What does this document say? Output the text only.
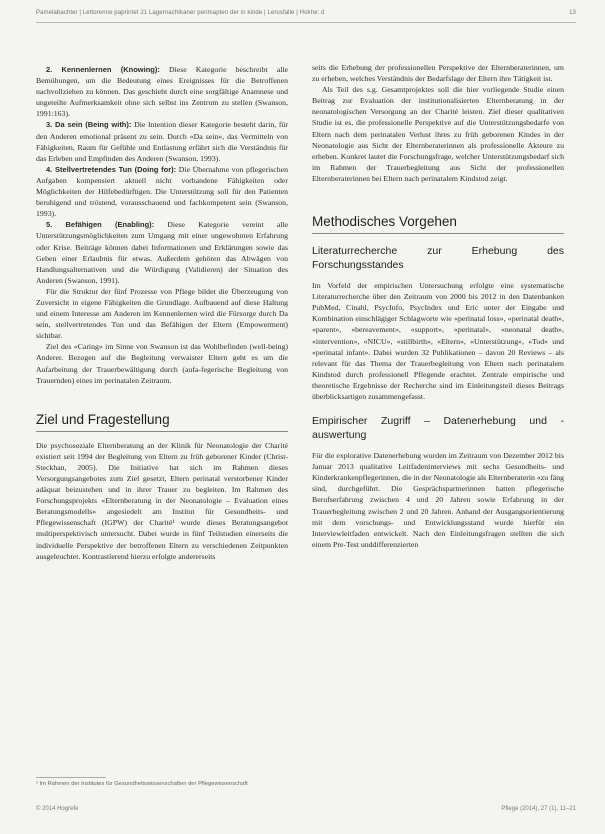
Pamelabachter | Lettorenne paprintet 21 Lagernachtkaner perimapten der in kinde | Lerusfalle | Hokhe: d	13

2. Kennenlernen (Knowing): Diese Kategorie beschreibt alle Bemühungen, um die Bedeutung eines Ereignisses für die Betroffenen nachvollziehen zu können. Das geschieht durch eine sorgfältige Anamnese und ungeteilte Aufmerksamkeit ohne sich selbst ins Zentrum zu stellen (Swanson, 1991:163).

3. Da sein (Being with): Die Intention dieser Kategorie besteht darin, für den Anderen emotional präsent zu sein. Durch «Da sein», das Vermitteln von Fähigkeiten, Raum für Gefühle und Entlastung erfährt sich die Verständnis für das Erleben und Empfinden des Anderen (Swanson, 1993).

4. Stellvertretendes Tun (Doing for): Die Übernahme von pflegerischen Aufgaben kompensiert aktuell nicht vorhandene Fähigkeiten oder Möglichkeiten der Hilfebedürftigen. Die Unterstützung soll für den Patienten beruhigend und tröstend, vorausschauend und fachkompetent sein (Swanson, 1993).

5. Befähigen (Enabling): Diese Kategorie vereint alle Unterstützungsmöglichkeiten zum Umgang mit einer ungewohnten Erfahrung oder Krise. Beiträge können dabei Informationen und Erklärungen sowie das Geben einer Erlaubnis für etwas. Außerdem gehören das Abwägen von Handlungsalternativen und die Würdigung (Validieren) der Situation des Anderen (Swanson, 1991).

Für die Struktur der fünf Prozesse von Pflege bildet die Überzeugung von Zuversicht in eigene Fähigkeiten die Grundlage. Aufbauend auf diese Haltung und einem Interesse am Anderen im Kennenlernen wird die Fürsorge durch Da sein, stellvertretendes Tun und das Befähigen der Eltern (Empowerment) sichtbar.

Ziel des «Caring» im Sinne von Swanson ist das Wohlbefinden (well-being) Anderer. Bezogen auf die Begleitung verwaister Eltern geht es um die Aufarbeitung der Trauerbewältigung durch (aufa-fegerische Begleitung von Trauernden) eines im perinatalen Zeitraum.

Ziel und Fragestellung

Die psychosoziale Elternberatung an der Klinik für Neonatologie der Charité existiert seit 1994 der Begleitung von Eltern zu früh geborener Kinder (Christ-Steckhan, 2005). Die Initiative hat sich im Rahmen dieses Versorgungsangebotes zum Ziel gesetzt, Eltern perinatal verstorbener Kinder adäquat beizustehen und in ihrer Trauer zu begleiten. Im Rahmen des Forschungsprojekts «Elternberatung in der Neonatologie – Evaluation eines Beratungsmodells» angesiedelt am Institut für Gesundheits- und Pflegewissenschaft (IGPW) der Charité¹ wurde dieses Beratungsangebot multiperspektivisch untersucht. Dabei wurde in fünf Teilstudien einerseits die individuelle Perspektive der betroffenen Eltern zu verschiedenen Zeitpunkten ausgeleuchtet. Kontrastierend hierzu erfolgte andererseits

seits die Erhebung der professionellen Perspektive der Elternberaterinnen, um zu erheben, welches Verständnis der Bedarfslage der Eltern ihre Tätigkeit ist.

Als Teil des s.g. Gesamtprojektes soll die hier vorliegende Studie einen Beitrag zur Evaluation der institutionalisierten Elternberatung in der neonatologischen Versorgung an der Charité leisten. Ziel dieser qualitativen Studie ist es, die professionelle Perspektive auf die Unterstützungsbedarfe von Eltern nach dem perinatalen Verlust ihres zu früh geborenen Kindes in der Neonatologie aus Sicht der Elternberaterinnen als professionelle Akteure zu erheben. Konkret lautet die Forschungsfrage, welcher Unterstützungsbedarf sich im Rahmen der Trauerbegleitung aus Sicht der professionellen Elternberaterinnen bei Eltern nach perinatalem Kindstod zeigt.

Methodisches Vorgehen
Literaturrecherche zur Erhebung des Forschungsstandes

Im Vorfeld der empirischen Untersuchung erfolgte eine systematische Literaturrecherche über den Zeitraum von 2000 bis 2012 in den Datenbanken PubMed, Cinahl, PsycInfo, PsycIndex und Eric unter der Eingabe und Kombination einschlägiger Schlagworte wie «perinatal loss», «perinatal death», «parent», «bereavement», «support», «perinatal», «neonatal death», «intervention», «NICU», «stillbirth», «Eltern», «Unterstützung», «Tod» und «perinatal infant». Dabei wurden 32 Publikationen – davon 20 Reviews – als relevant für das Thema der Trauerbegleitung von Eltern nach perinatalem Kindstod durch professionell Pflegende erachtet. Zentrale empirische und theoretische Ergebnisse der Recherche sind im Einleitungsteil dieses Beitrags überblicksartigen zusammengefasst.

Empirischer Zugriff – Datenerhebung und -auswertung

Für die explorative Datenerhebung wurden im Zeitraum von Dezember 2012 bis Januar 2013 qualitative Leitfadeninterviews mit sechs Gesundheits- und Kinderkrankenpflegerinnen, die in der Neonatologie als Elternberaterin «zu fäng sind, durchgeführt. Die Gesprächspartnerinnen hatten pflegerische Berufserfahrung zwischen 4 und 20 Jahren sowie Erfahrung in der Trauerbegleitung zwischen 2 und 20 Jahren. Anhand der Ausgangsorientierung mit dem vorschungs- und Entwicklungsstand wurde hierfür ein Interviewleitfaden entwickelt. Nach den Einleitungsfragen stellten die sich einem Pre-Test unddifferenzierten

¹ Im Rahmen der Institutes für Gesundheitswissenschaften der Pflegewissenschaft
© 2014 Hogrefe	Pflege (2014), 27 (1), 11–21
